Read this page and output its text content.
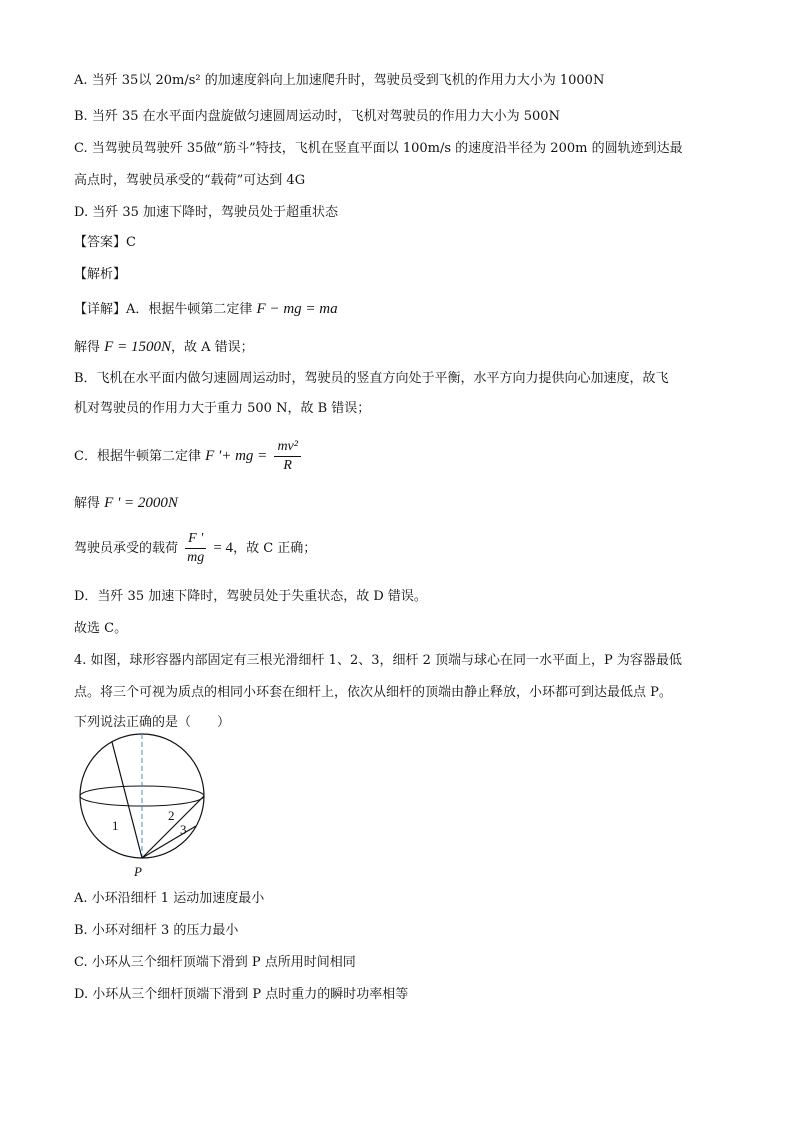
A. 当歼 35以 20m/s² 的加速度斜向上加速爬升时，驾驶员受到飞机的作用力大小为 1000N
B. 当歼 35 在水平面内盘旋做匀速圆周运动时，飞机对驾驶员的作用力大小为 500N
C. 当驾驶员驾驶歼 35做“筋斗”特技，飞机在竖直平面以 100m/s 的速度沿半径为 200m 的圆轨迹到达最
高点时，驾驶员承受的“载荷”可达到 4G
D. 当歼 35 加速下降时，驾驶员处于超重状态
【答案】C
【解析】
【详解】A．根据牛顿第二定律 F − mg = ma
解得 F = 1500N，故 A 错误；
B．飞机在水平面内做匀速圆周运动时，驾驶员的竖直方向处于平衡，水平方向力提供向心加速度，故飞
机对驾驶员的作用力大于重力 500 N，故 B 错误；
C．根据牛顿第二定律 F '+ mg = $\frac{\text{mv²}}{R}$
解得 F ' = 2000N
驾驶员承受的载荷 $\frac{F '}{mg} = 4$，故 C 正确；
D．当歼 35 加速下降时，驾驶员处于失重状态，故 D 错误。
故选 C。
4. 如图，球形容器内部固定有三根光滑细杆 1、2、3，细杆 2 顶端与球心在同一水平面上，P 为容器最低
点。将三个可视为质点的相同小环套在细杆上，依次从细杆的顶端由静止释放，小环都可到达最低点 P。
下列说法正确的是（　　）
1
2
3
P
A. 小环沿细杆 1 运动加速度最小
B. 小环对细杆 3 的压力最小
C. 小环从三个细杆顶端下滑到 P 点所用时间相同
D. 小环从三个细杆顶端下滑到 P 点时重力的瞬时功率相等
